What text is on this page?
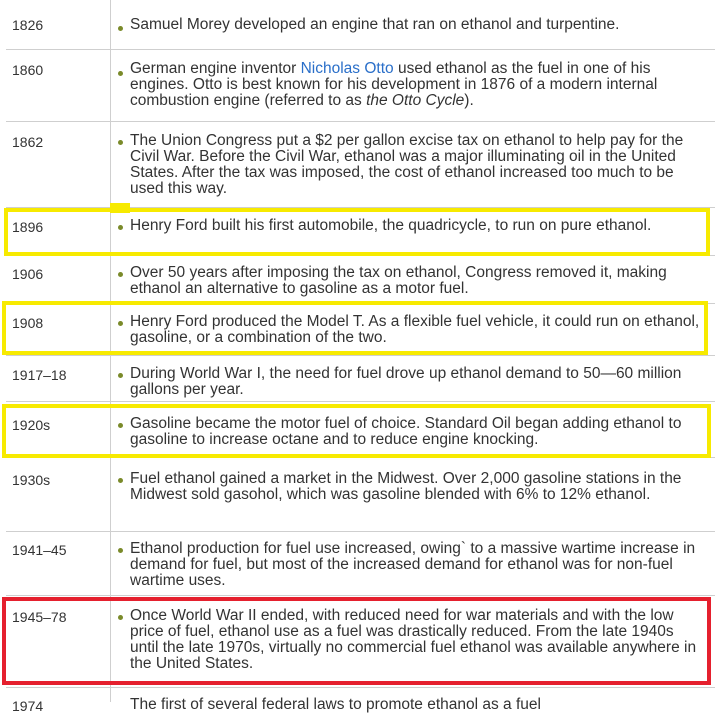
1826	Samuel Morey developed an engine that ran on ethanol and turpentine.
1860	German engine inventor Nicholas Otto used ethanol as the fuel in one of his engines. Otto is best known for his development in 1876 of a modern internal combustion engine (referred to as the Otto Cycle).
1862	The Union Congress put a $2 per gallon excise tax on ethanol to help pay for the Civil War. Before the Civil War, ethanol was a major illuminating oil in the United States. After the tax was imposed, the cost of ethanol increased too much to be used this way.
1896	Henry Ford built his first automobile, the quadricycle, to run on pure ethanol.
1906	Over 50 years after imposing the tax on ethanol, Congress removed it, making ethanol an alternative to gasoline as a motor fuel.
1908	Henry Ford produced the Model T. As a flexible fuel vehicle, it could run on ethanol, gasoline, or a combination of the two.
1917–18	During World War I, the need for fuel drove up ethanol demand to 50—60 million gallons per year.
1920s	Gasoline became the motor fuel of choice. Standard Oil began adding ethanol to gasoline to increase octane and to reduce engine knocking.
1930s	Fuel ethanol gained a market in the Midwest. Over 2,000 gasoline stations in the Midwest sold gasohol, which was gasoline blended with 6% to 12% ethanol.
1941–45	Ethanol production for fuel use increased, owing` to a massive wartime increase in demand for fuel, but most of the increased demand for ethanol was for non-fuel wartime uses.
1945–78	Once World War II ended, with reduced need for war materials and with the low price of fuel, ethanol use as a fuel was drastically reduced. From the late 1940s until the late 1970s, virtually no commercial fuel ethanol was available anywhere in the United States.
1974	The first of several federal laws to promote ethanol as a fuel
